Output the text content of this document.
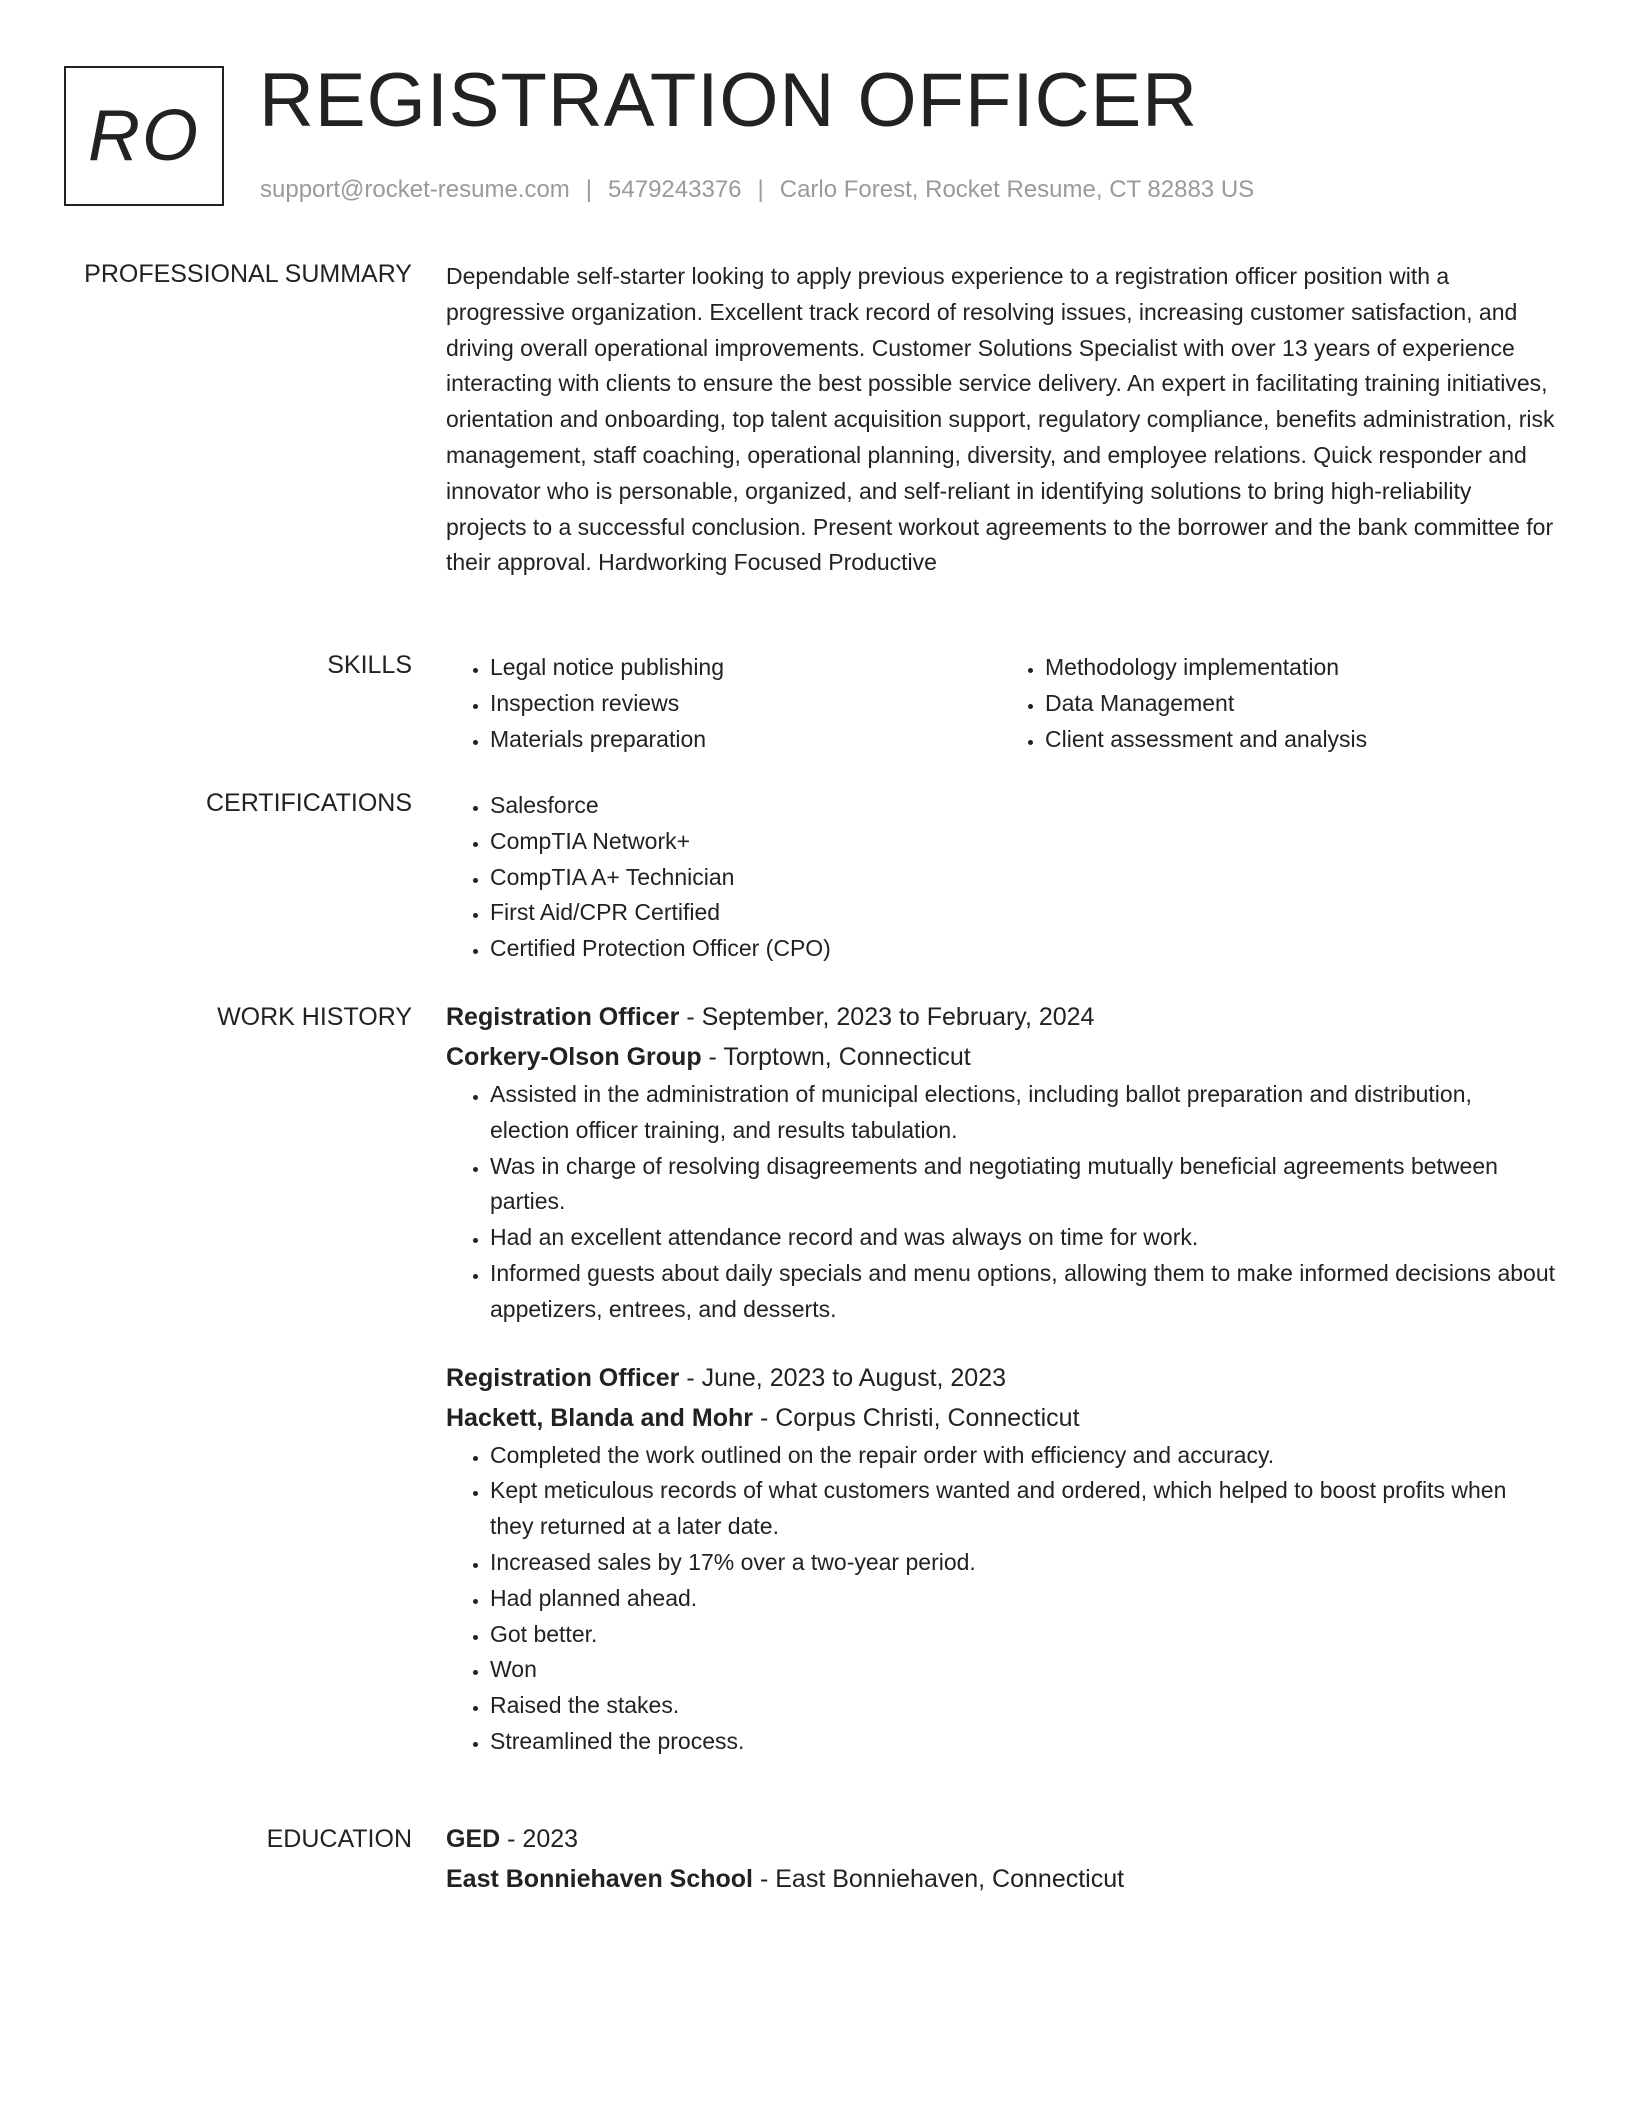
RO REGISTRATION OFFICER
support@rocket-resume.com | 5479243376 | Carlo Forest, Rocket Resume, CT 82883 US
PROFESSIONAL SUMMARY Dependable self-starter looking to apply previous experience to a registration officer position with a progressive organization. Excellent track record of resolving issues, increasing customer satisfaction, and driving overall operational improvements. Customer Solutions Specialist with over 13 years of experience interacting with clients to ensure the best possible service delivery. An expert in facilitating training initiatives, orientation and onboarding, top talent acquisition support, regulatory compliance, benefits administration, risk management, staff coaching, operational planning, diversity, and employee relations. Quick responder and innovator who is personable, organized, and self-reliant in identifying solutions to bring high-reliability projects to a successful conclusion. Present workout agreements to the borrower and the bank committee for their approval. Hardworking Focused Productive

SKILLS	• Legal notice publishing
• Inspection reviews
• Materials preparation
• Methodology implementation
• Data Management
• Client assessment and analysis
CERTIFICATIONS	• Salesforce
• CompTIA Network+
• CompTIA A+ Technician
• First Aid/CPR Certified
• Certified Protection Officer (CPO)
WORK HISTORY Registration Officer - September, 2023 to February, 2024
Corkery-Olson Group - Torptown, Connecticut
• Assisted in the administration of municipal elections, including ballot preparation and distribution, election officer training, and results tabulation.
• Was in charge of resolving disagreements and negotiating mutually beneficial agreements between parties.
• Had an excellent attendance record and was always on time for work.
• Informed guests about daily specials and menu options, allowing them to make informed decisions about appetizers, entrees, and desserts.
Registration Officer - June, 2023 to August, 2023
Hackett, Blanda and Mohr - Corpus Christi, Connecticut
• Completed the work outlined on the repair order with efficiency and accuracy.
• Kept meticulous records of what customers wanted and ordered, which helped to boost profits when they returned at a later date.
• Increased sales by 17% over a two-year period.
• Had planned ahead.
• Got better.
• Won
• Raised the stakes.
• Streamlined the process.
EDUCATION GED - 2023
East Bonniehaven School - East Bonniehaven, Connecticut
